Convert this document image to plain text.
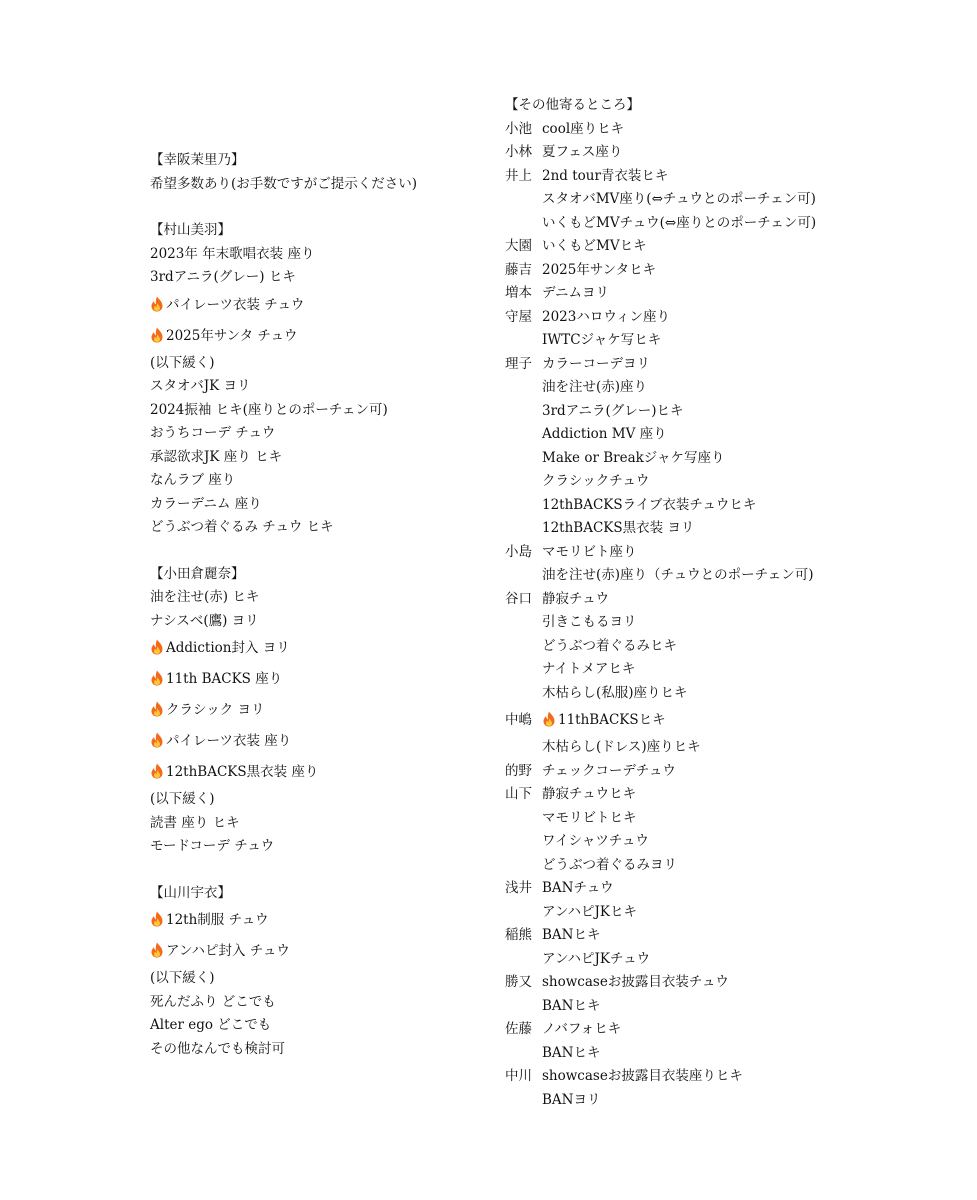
【幸阪茉里乃】
希望多数あり(お手数ですがご提示ください)
【村山美羽】
2023年 年末歌唱衣装 座り
3rdアニラ(グレー) ヒキ
パイレーツ衣装 チュウ
2025年サンタ チュウ
(以下緩く)
スタオバJK ヨリ
2024振袖 ヒキ(座りとのポーチェン可)
おうちコーデ チュウ
承認欲求JK 座り ヒキ
なんラブ 座り
カラーデニム 座り
どうぶつ着ぐるみ チュウ ヒキ
【小田倉麗奈】
油を注せ(赤) ヒキ
ナシスベ(鷹) ヨリ
Addiction封入 ヨリ
11th BACKS 座り
クラシック ヨリ
パイレーツ衣装 座り
12thBACKS黒衣装 座り
(以下緩く)
読書 座り ヒキ
モードコーデ チュウ
【山川宇衣】
12th制服 チュウ
アンハピ封入 チュウ
(以下緩く)
死んだふり どこでも
Alter ego どこでも
その他なんでも検討可
【その他寄るところ】
小池 cool座りヒキ
小林 夏フェス座り
井上 2nd tour青衣装ヒキ
スタオバMV座り(⇔チュウとのポーチェン可)
いくもどMVチュウ(⇔座りとのポーチェン可)
大園 いくもどMVヒキ
藤吉 2025年サンタヒキ
増本 デニムヨリ
守屋 2023ハロウィン座り
IWTCジャケ写ヒキ
理子 カラーコーデヨリ
油を注せ(赤)座り
3rdアニラ(グレー)ヒキ
Addiction MV 座り
Make or Breakジャケ写座り
クラシックチュウ
12thBACKSライブ衣装チュウヒキ
12thBACKS黒衣装 ヨリ
小島 マモリビト座り
油を注せ(赤)座り（チュウとのポーチェン可)
谷口 静寂チュウ
引きこもるヨリ
どうぶつ着ぐるみヒキ
ナイトメアヒキ
木枯らし(私服)座りヒキ
中嶋 11thBACKSヒキ
木枯らし(ドレス)座りヒキ
的野 チェックコーデチュウ
山下 静寂チュウヒキ
マモリビトヒキ
ワイシャツチュウ
どうぶつ着ぐるみヨリ
浅井 BANチュウ
アンハピJKヒキ
稲熊 BANヒキ
アンハピJKチュウ
勝又 showcaseお披露目衣装チュウ
BANヒキ
佐藤 ノバフォヒキ
BANヒキ
中川 showcaseお披露目衣装座りヒキ
BANヨリ
